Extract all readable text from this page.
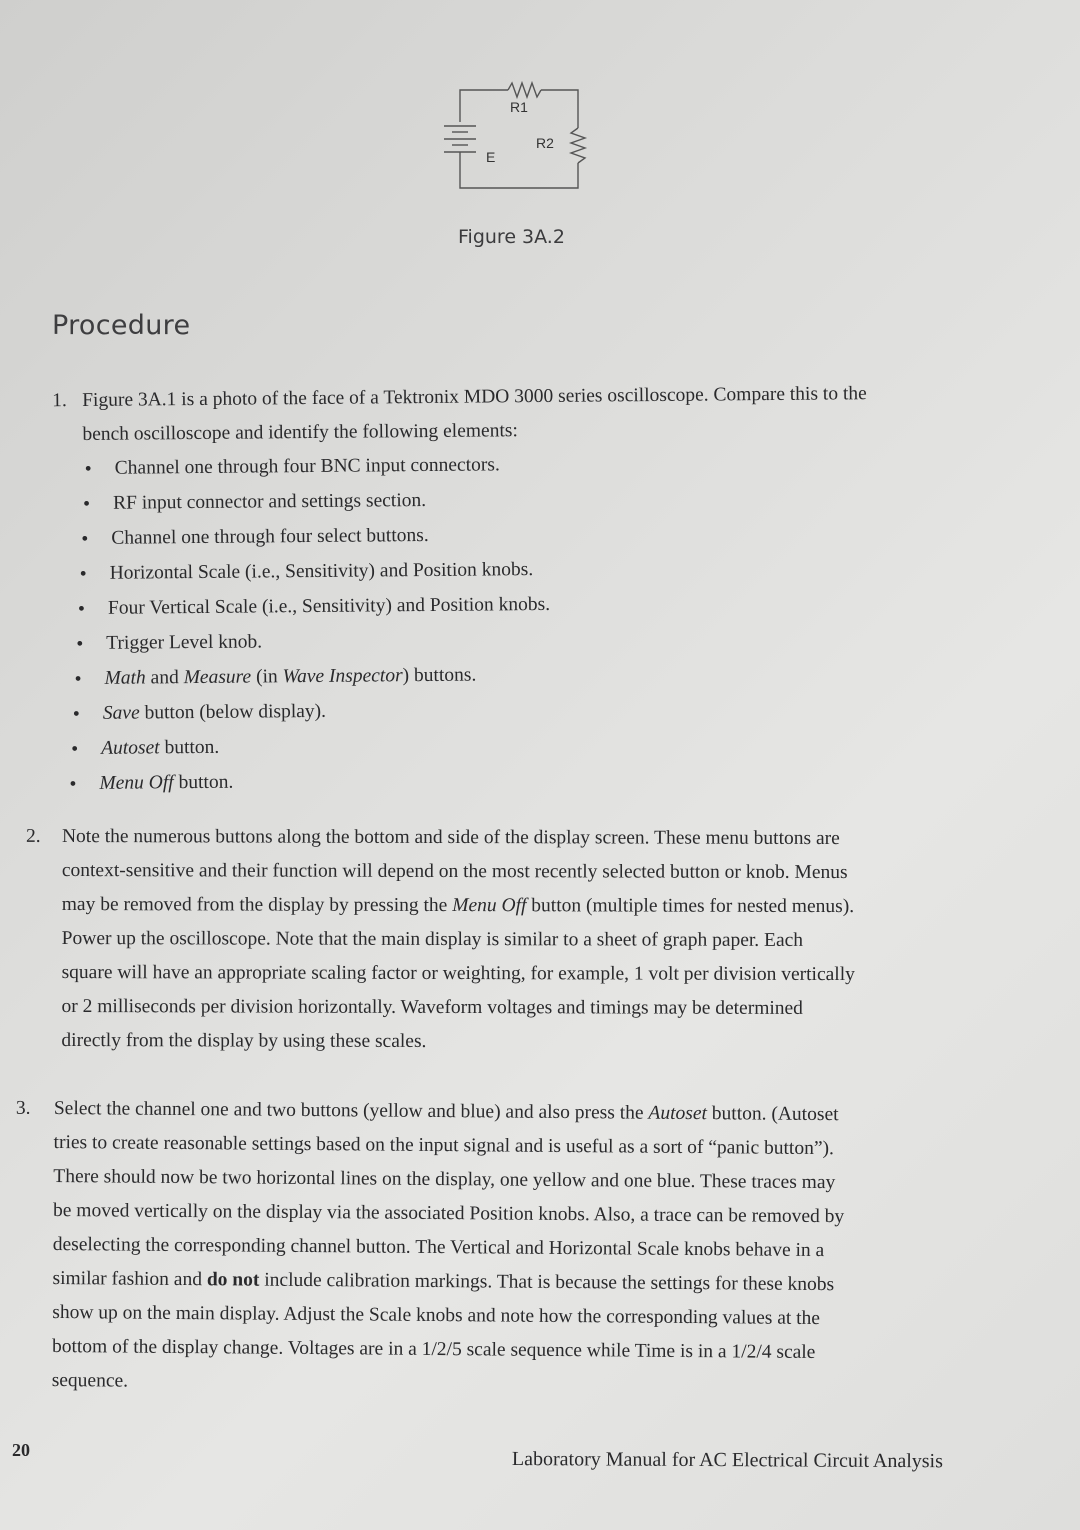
R1
R2
E
Figure 3A.2
Procedure
1. Figure 3A.1 is a photo of the face of a Tektronix MDO 3000 series oscilloscope. Compare this to the
bench oscilloscope and identify the following elements:
• Channel one through four BNC input connectors.
• RF input connector and settings section.
• Channel one through four select buttons.
• Horizontal Scale (i.e., Sensitivity) and Position knobs.
• Four Vertical Scale (i.e., Sensitivity) and Position knobs.
• Trigger Level knob.
• Math and Measure (in Wave Inspector) buttons.
• Save button (below display).
• Autoset button.
• Menu Off button.
2. Note the numerous buttons along the bottom and side of the display screen. These menu buttons are
context-sensitive and their function will depend on the most recently selected button or knob. Menus
may be removed from the display by pressing the Menu Off button (multiple times for nested menus).
Power up the oscilloscope. Note that the main display is similar to a sheet of graph paper. Each
square will have an appropriate scaling factor or weighting, for example, 1 volt per division vertically
or 2 milliseconds per division horizontally. Waveform voltages and timings may be determined
directly from the display by using these scales.
3. Select the channel one and two buttons (yellow and blue) and also press the Autoset button. (Autoset
tries to create reasonable settings based on the input signal and is useful as a sort of “panic button”).
There should now be two horizontal lines on the display, one yellow and one blue. These traces may
be moved vertically on the display via the associated Position knobs. Also, a trace can be removed by
deselecting the corresponding channel button. The Vertical and Horizontal Scale knobs behave in a
similar fashion and do not include calibration markings. That is because the settings for these knobs
show up on the main display. Adjust the Scale knobs and note how the corresponding values at the
bottom of the display change. Voltages are in a 1/2/5 scale sequence while Time is in a 1/2/4 scale
sequence.
20	Laboratory Manual for AC Electrical Circuit Analysis
